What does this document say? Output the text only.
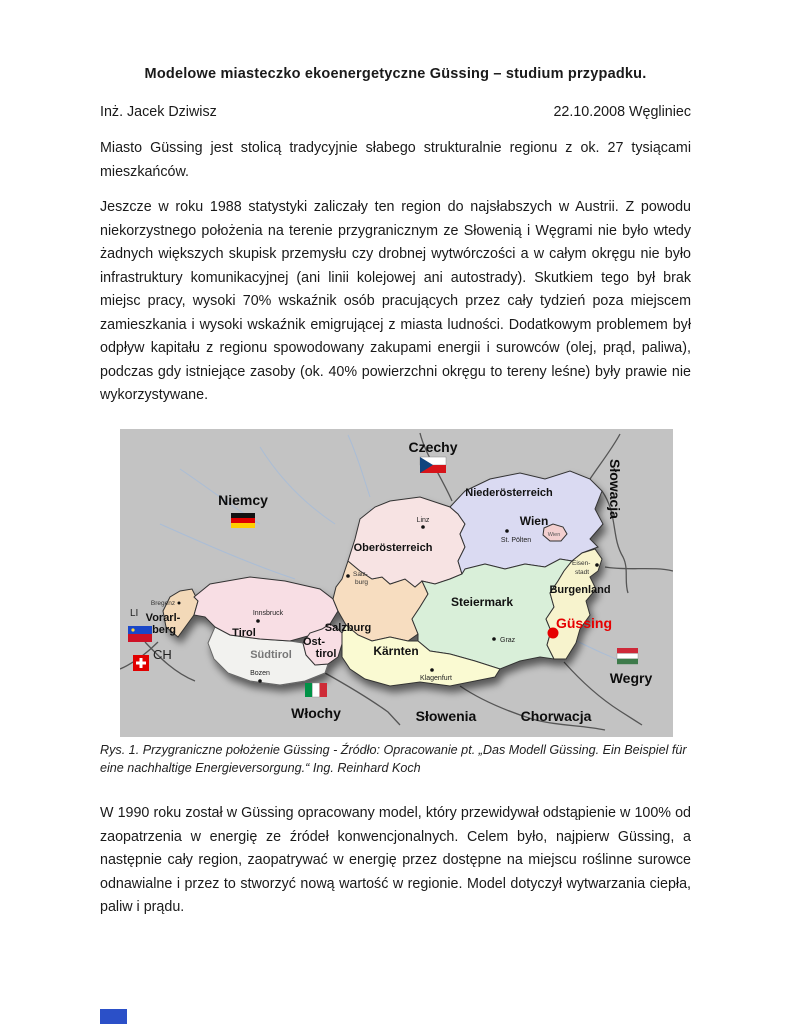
Modelowe miasteczko ekoenergetyczne Güssing – studium przypadku.
Inż. Jacek Dziwisz	22.10.2008 Węgliniec
Miasto Güssing jest stolicą tradycyjnie słabego strukturalnie regionu z ok. 27 tysiącami mieszkańców.
Jeszcze w roku 1988 statystyki zaliczały ten region do najsłabszych w Austrii. Z powodu niekorzystnego położenia na terenie przygranicznym ze Słowenią i Węgrami nie było wtedy żadnych większych skupisk przemysłu czy drobnej wytwórczości a w całym okręgu nie było infrastruktury komunikacyjnej (ani linii kolejowej ani autostrady). Skutkiem tego był brak miejsc pracy, wysoki 70% wskaźnik osób pracujących przez cały tydzień poza miejscem zamieszkania i wysoki wskaźnik emigrującej z miasta ludności. Dodatkowym problemem był odpływ kapitału z regionu spowodowany zakupami energii i surowców (olej, prąd, paliwa), podczas gdy istniejące zasoby (ok. 40% powierzchni okręgu to tereny leśne) były prawie nie wykorzystywane.
Czechy
Niemcy	Słowacja
Wegry
Chorwacja
Słowenia
Włochy
LI
CH
Niederösterreich
Oberösterreich
Wien
Steiermark
Salzburg
Tirol
Kärnten
Burgenland
Vorarl-
berg
Ost-
tirol
Südtirol
Linz
St. Pölten
Wien
Eisen-
stadt
Salz-
burg
Innsbruck
Bregenz
Bozen
Graz
Klagenfurt
Güssing
Rys. 1. Przygraniczne położenie Güssing - Źródło: Opracowanie pt. „Das Modell Güssing. Ein Beispiel für eine nachhaltige Energieversorgung.“ Ing. Reinhard Koch
W 1990 roku został w Güssing opracowany model, który przewidywał odstąpienie w 100% od zaopatrzenia w energię ze źródeł konwencjonalnych. Celem było, najpierw Güssing, a następnie cały region, zaopatrywać w energię przez dostępne na miejscu roślinne surowce odnawialne i przez to stworzyć nową wartość w regionie. Model dotyczył wytwarzania ciepła, paliw i prądu.
